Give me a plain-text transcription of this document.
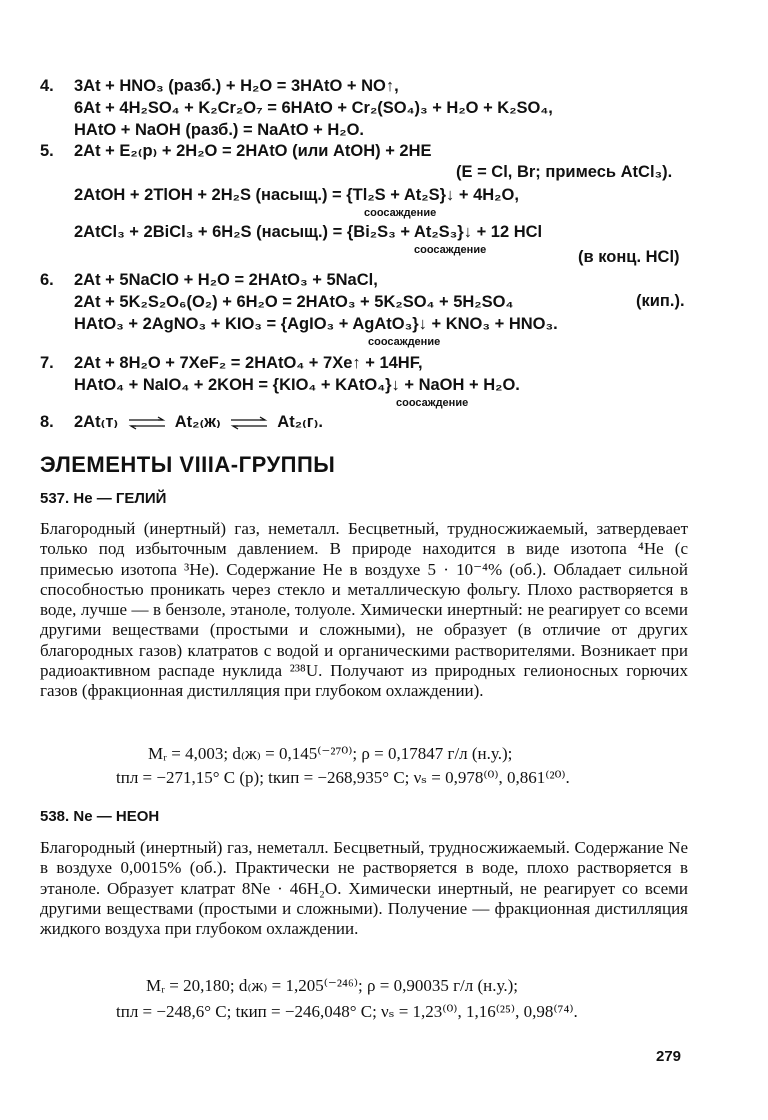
4. 3At + HNO₃ (разб.) + H₂O = 3HAtO + NO↑,
6At + 4H₂SO₄ + K₂Cr₂O₇ = 6HAtO + Cr₂(SO₄)₃ + H₂O + K₂SO₄,
HAtO + NaOH (разб.) = NaAtO + H₂O.
5. 2At + E₂₍р₎ + 2H₂O = 2HAtO (или AtOH) + 2HE
(E = Cl, Br; примесь AtCl₃).
2AtOH + 2TlOH + 2H₂S (насыщ.) = {Tl₂S + At₂S}↓ + 4H₂O,
соосаждение
2AtCl₃ + 2BiCl₃ + 6H₂S (насыщ.) = {Bi₂S₃ + At₂S₃}↓ + 12 HCl
соосаждение	(в конц. HCl)
6. 2At + 5NaClO + H₂O = 2HAtO₃ + 5NaCl,
2At + 5K₂S₂O₆(O₂) + 6H₂O = 2HAtO₃ + 5K₂SO₄ + 5H₂SO₄	(кип.).
HAtO₃ + 2AgNO₃ + KIO₃ = {AgIO₃ + AgAtO₃}↓ + KNO₃ + HNO₃.
соосаждение
7. 2At + 8H₂O + 7XeF₂ = 2HAtO₄ + 7Xe↑ + 14HF,
HAtO₄ + NaIO₄ + 2KOH = {KIO₄ + KAtO₄}↓ + NaOH + H₂O.
соосаждение
8. 2At₍т₎ ⇌ At₂₍ж₎ ⇌ At₂₍г₎.
ЭЛЕМЕНТЫ VIIIA-ГРУППЫ
537. He — ГЕЛИЙ
Благородный (инертный) газ, неметалл. Бесцветный, трудносжижаемый, затвердевает только под избыточным давлением. В природе находится в виде изотопа ⁴He (с примесью изотопа ³He). Содержание He в воздухе 5 · 10⁻⁴% (об.). Обладает сильной способностью проникать через стекло и металлическую фольгу. Плохо растворяется в воде, лучше — в бензоле, этаноле, толуоле. Химически инертный: не реагирует со всеми другими веществами (простыми и сложными), не образует (в отличие от других благородных газов) клатратов с водой и органическими растворителями. Возникает при радиоактивном распаде нуклида ²³⁸U. Получают из природных гелионосных горючих газов (фракционная дистилляция при глубоком охлаждении).
Mᵣ = 4,003; d₍ж₎ = 0,145⁽⁻²⁷⁰⁾; ρ = 0,17847 г/л (н.у.);
tпл = −271,15° C (p); tкип = −268,935° C; νₛ = 0,978⁽⁰⁾, 0,861⁽²⁰⁾.
538. Ne — НЕОН
Благородный (инертный) газ, неметалл. Бесцветный, трудносжижаемый. Содержание Ne в воздухе 0,0015% (об.). Практически не растворяется в воде, плохо растворяется в этаноле. Образует клатрат 8Ne · 46H₂O. Химически инертный, не реагирует со всеми другими веществами (простыми и сложными). Получение — фракционная дистилляция жидкого воздуха при глубоком охлаждении.
Mᵣ = 20,180; d₍ж₎ = 1,205⁽⁻²⁴⁶⁾; ρ = 0,90035 г/л (н.у.);
tпл = −248,6° C; tкип = −246,048° C; νₛ = 1,23⁽⁰⁾, 1,16⁽²⁵⁾, 0,98⁽⁷⁴⁾.
279
